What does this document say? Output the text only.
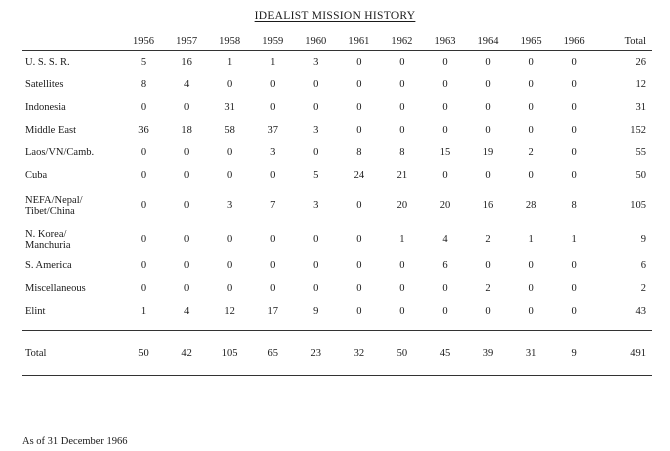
IDEALIST MISSION HISTORY
	1956	1957	1958	1959	1960	1961	1962	1963	1964	1965	1966	Total

U. S. S. R.	5	16	1	1	3	0	0	0	0	0	0	26

Satellites	8	4	0	0	0	0	0	0	0	0	0	12

Indonesia	0	0	31	0	0	0	0	0	0	0	0	31

Middle East	36	18	58	37	3	0	0	0	0	0	0	152

Laos/VN/Camb.	0	0	0	3	0	8	8	15	19	2	0	55

Cuba	0	0	0	0	5	24	21	0	0	0	0	50

NEFA/Nepal/
Tibet/China	0	0	3	7	3	0	20	20	16	28	8	105

N. Korea/
Manchuria	0	0	0	0	0	0	1	4	2	1	1	9

S. America	0	0	0	0	0	0	0	6	0	0	0	6

Miscellaneous	0	0	0	0	0	0	0	0	2	0	0	2

Elint	1	4	12	17	9	0	0	0	0	0	0	43

Total	50	42	105	65	23	32	50	45	39	31	9	491
As of 31 December 1966
